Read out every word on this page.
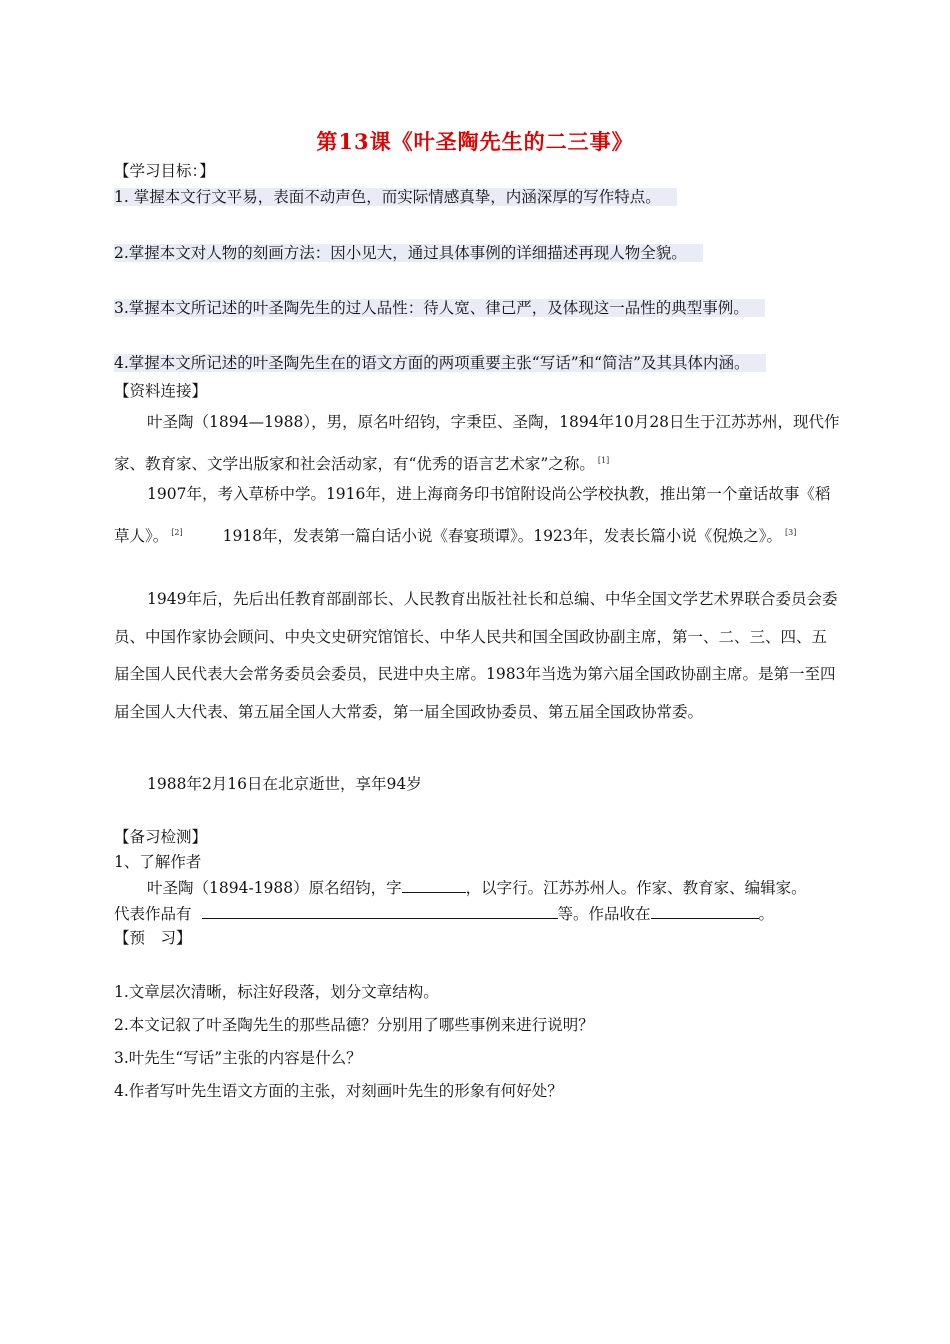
第13课《叶圣陶先生的二三事》
【学习目标：】
1. 掌握本文行文平易，表面不动声色，而实际情感真挚，内涵深厚的写作特点。
2.掌握本文对人物的刻画方法：因小见大，通过具体事例的详细描述再现人物全貌。
3.掌握本文所记述的叶圣陶先生的过人品性：待人宽、律己严，及体现这一品性的典型事例。
4.掌握本文所记述的叶圣陶先生在的语文方面的两项重要主张“写话”和“简洁”及其具体内涵。
【资料连接】
叶圣陶（1894—1988），男，原名叶绍钧，字秉臣、圣陶，1894年10月28日生于江苏苏州，现代作家、教育家、文学出版家和社会活动家，有“优秀的语言艺术家”之称。 [1]
1907年，考入草桥中学。1916年，进上海商务印书馆附设尚公学校执教，推出第一个童话故事《稻草人》。 [2]	1918年，发表第一篇白话小说《春宴琐谭》。1923年，发表长篇小说《倪焕之》。 [3]
1949年后，先后出任教育部副部长、人民教育出版社社长和总编、中华全国文学艺术界联合委员会委员、中国作家协会顾问、中央文史研究馆馆长、中华人民共和国全国政协副主席，第一、二、三、四、五届全国人民代表大会常务委员会委员，民进中央主席。1983年当选为第六届全国政协副主席。是第一至四届全国人大代表、第五届全国人大常委，第一届全国政协委员、第五届全国政协常委。
1988年2月16日在北京逝世，享年94岁
【备习检测】
1、了解作者
叶圣陶（1894-1988）原名绍钧，字	，以字行。江苏苏州人。作家、教育家、编辑家。
代表作品有	等。作品收在	。
【预　习】
1.文章层次清晰，标注好段落，划分文章结构。
2.本文记叙了叶圣陶先生的那些品德？分别用了哪些事例来进行说明？
3.叶先生“写话”主张的内容是什么？
4.作者写叶先生语文方面的主张，对刻画叶先生的形象有何好处？
